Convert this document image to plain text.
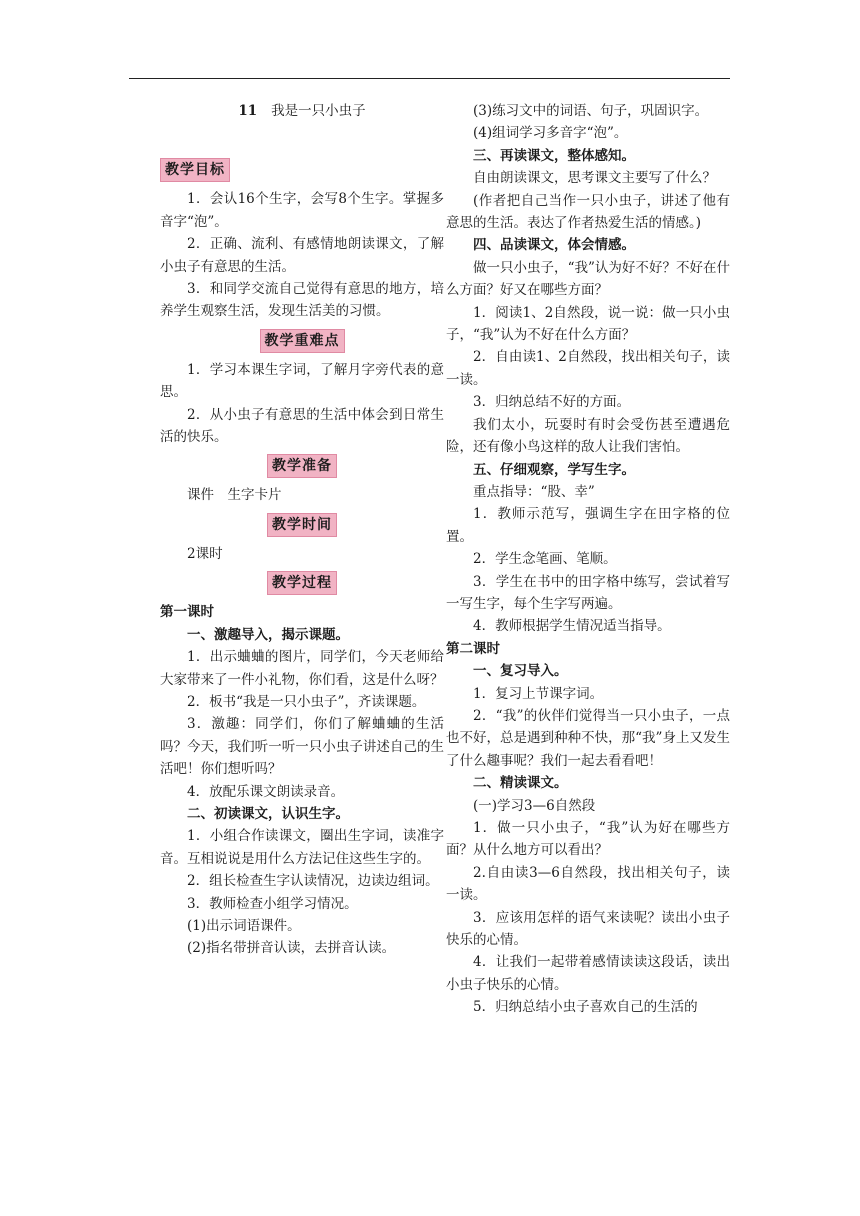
11 我是一只小虫子
教学目标

1．会认16个生字，会写8个生字。掌握多音字“泡”。

2．正确、流利、有感情地朗读课文，了解小虫子有意思的生活。

3．和同学交流自己觉得有意思的地方，培养学生观察生活，发现生活美的习惯。

教学重难点

1．学习本课生字词，了解月字旁代表的意思。

2．从小虫子有意思的生活中体会到日常生活的快乐。

教学准备

课件　生字卡片

教学时间

2课时

教学过程

第一课时

一、激趣导入，揭示课题。

1．出示蛐蛐的图片，同学们，今天老师给大家带来了一件小礼物，你们看，这是什么呀？

2．板书“我是一只小虫子”，齐读课题。

3．激趣：同学们，你们了解蛐蛐的生活吗？今天，我们听一听一只小虫子讲述自己的生活吧！你们想听吗？

4．放配乐课文朗读录音。

二、初读课文，认识生字。

1．小组合作读课文，圈出生字词，读准字音。互相说说是用什么方法记住这些生字的。

2．组长检查生字认读情况，边读边组词。

3．教师检查小组学习情况。

(1)出示词语课件。

(2)指名带拼音认读，去拼音认读。

(3)练习文中的词语、句子，巩固识字。

(4)组词学习多音字“泡”。

三、再读课文，整体感知。

自由朗读课文，思考课文主要写了什么？

(作者把自己当作一只小虫子，讲述了他有意思的生活。表达了作者热爱生活的情感。)

四、品读课文，体会情感。

做一只小虫子，“我”认为好不好？不好在什么方面？好又在哪些方面？

1．阅读1、2自然段，说一说：做一只小虫子，“我”认为不好在什么方面？

2．自由读1、2自然段，找出相关句子，读一读。

3．归纳总结不好的方面。

我们太小，玩耍时有时会受伤甚至遭遇危险，还有像小鸟这样的敌人让我们害怕。

五、仔细观察，学写生字。

重点指导：“股、幸”

1．教师示范写，强调生字在田字格的位置。

2．学生念笔画、笔顺。

3．学生在书中的田字格中练写，尝试着写一写生字，每个生字写两遍。

4．教师根据学生情况适当指导。

第二课时

一、复习导入。

1．复习上节课字词。

2．“我”的伙伴们觉得当一只小虫子，一点也不好，总是遇到种种不快，那“我”身上又发生了什么趣事呢？我们一起去看看吧！

二、精读课文。

(一)学习3—6自然段

1．做一只小虫子，“我”认为好在哪些方面？从什么地方可以看出？

2.自由读3—6自然段，找出相关句子，读一读。

3．应该用怎样的语气来读呢？读出小虫子快乐的心情。

4．让我们一起带着感情读读这段话，读出小虫子快乐的心情。

5．归纳总结小虫子喜欢自己的生活的
